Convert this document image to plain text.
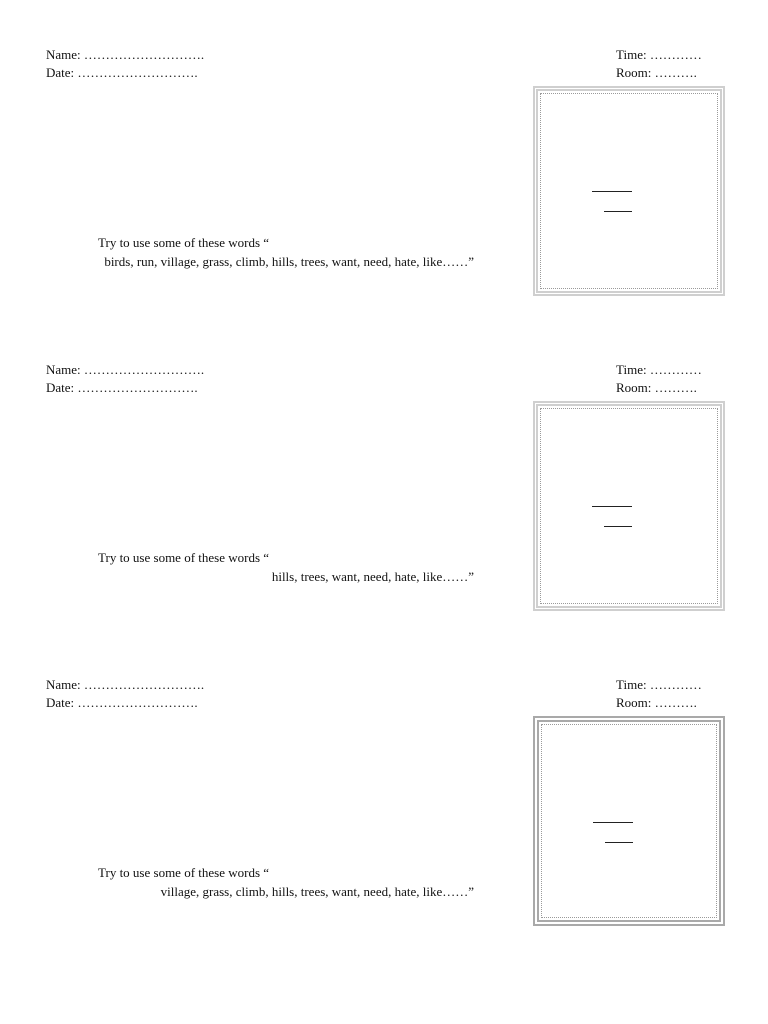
Name: ……………………….
Date: ……………………….
Time: …………
Room: ……….
Try to use some of these words “
birds, run, village, grass, climb, hills, trees, want, need, hate, like……”
Name: ……………………….
Date: ……………………….
Time: …………
Room: ……….
Try to use some of these words “
hills, trees, want, need, hate, like……”
Name: ……………………….
Date: ……………………….
Time: …………
Room: ……….
Try to use some of these words “
village, grass, climb, hills, trees, want, need, hate, like……”
